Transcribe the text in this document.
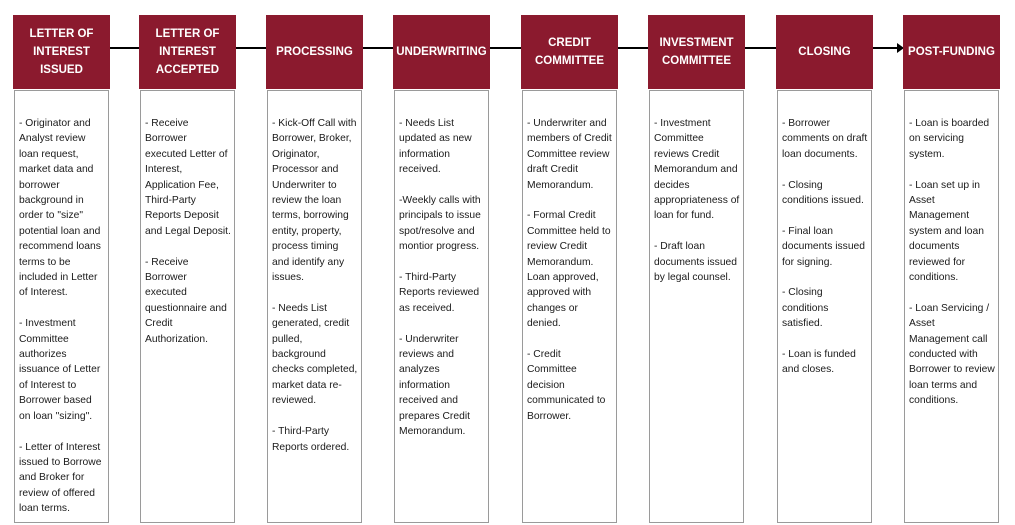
LETTER OF INTEREST ISSUED

- Originator and Analyst review loan request, market data and borrower background in order to "size" potential loan and recommend loans terms to be included in Letter of Interest.

- Investment Committee authorizes issuance of Letter of Interest to Borrower based on loan "sizing".

- Letter of Interest issued to Borrowe and Broker for review of offered loan terms.

LETTER OF INTEREST ACCEPTED

- Receive Borrower executed Letter of Interest, Application Fee, Third-Party Reports Deposit and Legal Deposit.

- Receive Borrower executed questionnaire and Credit Authorization.

PROCESSING

- Kick-Off Call with Borrower, Broker, Originator, Processor and Underwriter to review the loan terms, borrowing entity, property, process timing and identify any issues.

- Needs List generated, credit pulled, background checks completed, market data re-reviewed.

- Third-Party Reports ordered.

UNDERWRITING

- Needs List updated as new information received.

-Weekly calls with principals to issue spot/resolve and montior progress.

- Third-Party Reports reviewed as received.

- Underwriter reviews and analyzes information received and prepares Credit Memorandum.

CREDIT COMMITTEE

- Underwriter and members of Credit Committee review draft Credit Memorandum.

- Formal Credit Committee held to review Credit Memorandum. Loan approved, approved with changes or denied.

- Credit Committee decision communicated to Borrower.

INVESTMENT COMMITTEE

- Investment Committee reviews Credit Memorandum and decides appropriateness of loan for fund.

- Draft loan documents issued by legal counsel.

CLOSING

- Borrower comments on draft loan documents.

- Closing conditions issued.

- Final loan documents issued for signing.

- Closing conditions satisfied.

- Loan is funded and closes.

POST-FUNDING

- Loan is boarded on servicing system.

- Loan set up in Asset Management system and loan documents reviewed for conditions.

- Loan Servicing / Asset Management call conducted with Borrower to review loan terms and conditions.
